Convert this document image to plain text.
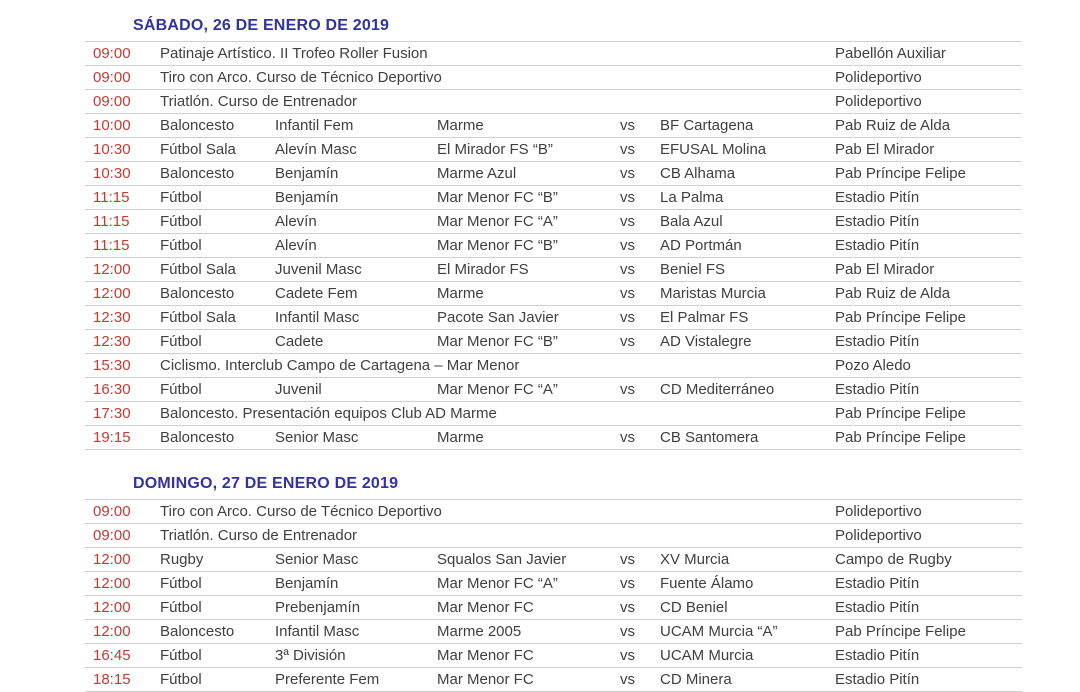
SÁBADO, 26 DE ENERO DE 2019
09:00	Patinaje Artístico. II Trofeo Roller Fusion	Pabellón Auxiliar
09:00	Tiro con Arco. Curso de Técnico Deportivo	Polideportivo
09:00	Triatlón. Curso de Entrenador	Polideportivo
10:00	Baloncesto	Infantil Fem	Marme	vs BF Cartagena	Pab Ruiz de Alda
10:30	Fútbol Sala	Alevín Masc	El Mirador FS “B”	vs EFUSAL Molina	Pab El Mirador
10:30	Baloncesto	Benjamín	Marme Azul	vs CB Alhama	Pab Príncipe Felipe
11:15	Fútbol	Benjamín	Mar Menor FC “B”	vs La Palma	Estadio Pitín
11:15	Fútbol	Alevín	Mar Menor FC “A”	vs Bala Azul	Estadio Pitín
11:15	Fútbol	Alevín	Mar Menor FC “B”	vs AD Portmán	Estadio Pitín
12:00	Fútbol Sala	Juvenil Masc	El Mirador FS	vs Beniel FS	Pab El Mirador
12:00	Baloncesto	Cadete Fem	Marme	vs Maristas Murcia	Pab Ruiz de Alda
12:30	Fútbol Sala	Infantil Masc	Pacote San Javier	vs El Palmar FS	Pab Príncipe Felipe
12:30	Fútbol	Cadete	Mar Menor FC “B”	vs AD Vistalegre	Estadio Pitín
15:30	Ciclismo. Interclub Campo de Cartagena – Mar Menor	Pozo Aledo
16:30	Fútbol	Juvenil	Mar Menor FC “A”	vs CD Mediterráneo	Estadio Pitín
17:30	Baloncesto. Presentación equipos Club AD Marme	Pab Príncipe Felipe
19:15	Baloncesto	Senior Masc	Marme	vs CB Santomera	Pab Príncipe Felipe
DOMINGO, 27 DE ENERO DE 2019
09:00	Tiro con Arco. Curso de Técnico Deportivo	Polideportivo
09:00	Triatlón. Curso de Entrenador	Polideportivo
12:00	Rugby	Senior Masc	Squalos San Javier	vs XV Murcia	Campo de Rugby
12:00	Fútbol	Benjamín	Mar Menor FC “A”	vs Fuente Álamo	Estadio Pitín
12:00	Fútbol	Prebenjamín	Mar Menor FC	vs CD Beniel	Estadio Pitín
12:00	Baloncesto	Infantil Masc	Marme 2005	vs UCAM Murcia “A”	Pab Príncipe Felipe
16:45	Fútbol	3ª División	Mar Menor FC	vs UCAM Murcia	Estadio Pitín
18:15	Fútbol	Preferente Fem	Mar Menor FC	vs CD Minera	Estadio Pitín
